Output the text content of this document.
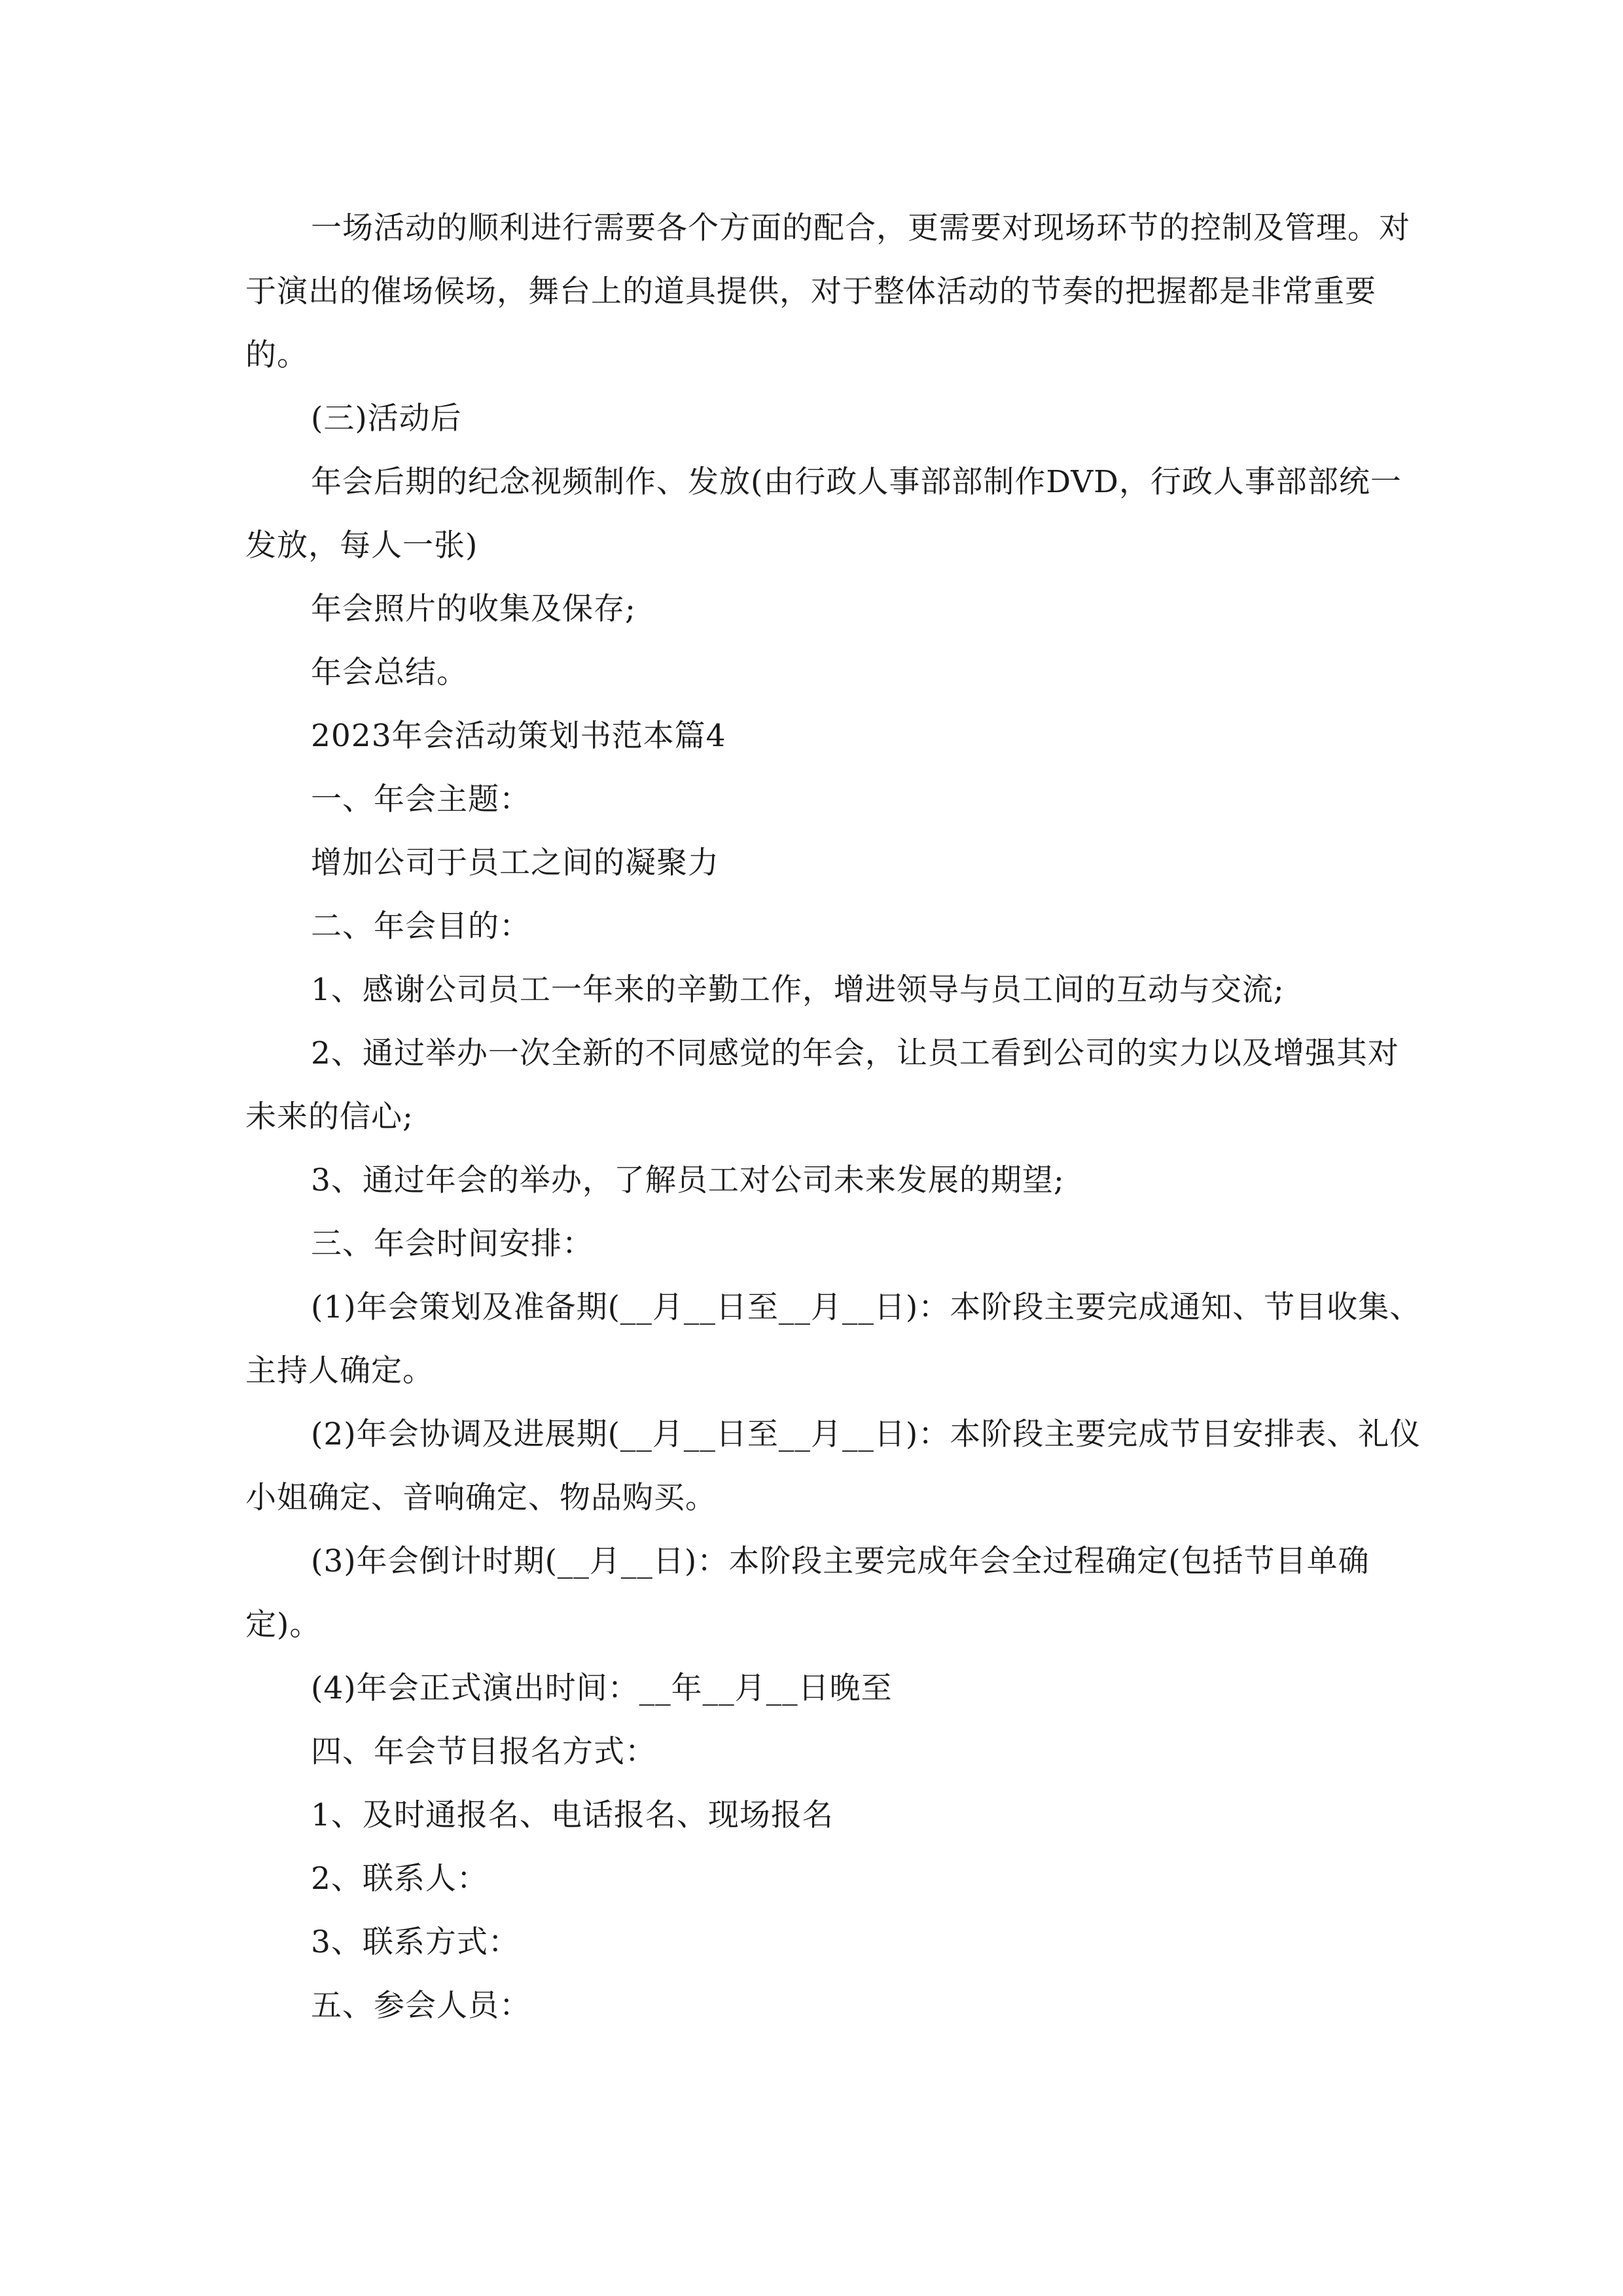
一场活动的顺利进行需要各个方面的配合，更需要对现场环节的控制及管理。对于演出的催场候场，舞台上的道具提供，对于整体活动的节奏的把握都是非常重要的。

(三)活动后

年会后期的纪念视频制作、发放(由行政人事部部制作DVD，行政人事部部统一发放，每人一张)

年会照片的收集及保存;

年会总结。

2023年会活动策划书范本篇4

一、年会主题：

增加公司于员工之间的凝聚力

二、年会目的：

1、感谢公司员工一年来的辛勤工作，增进领导与员工间的互动与交流;

2、通过举办一次全新的不同感觉的年会，让员工看到公司的实力以及增强其对未来的信心;

3、通过年会的举办，了解员工对公司未来发展的期望;

三、年会时间安排：

(1)年会策划及准备期(__月__日至__月__日)：本阶段主要完成通知、节目收集、主持人确定。

(2)年会协调及进展期(__月__日至__月__日)：本阶段主要完成节目安排表、礼仪小姐确定、音响确定、物品购买。

(3)年会倒计时期(__月__日)：本阶段主要完成年会全过程确定(包括节目单确定)。

(4)年会正式演出时间：__年__月__日晚至

四、年会节目报名方式：

1、及时通报名、电话报名、现场报名

2、联系人：

3、联系方式：

五、参会人员：
